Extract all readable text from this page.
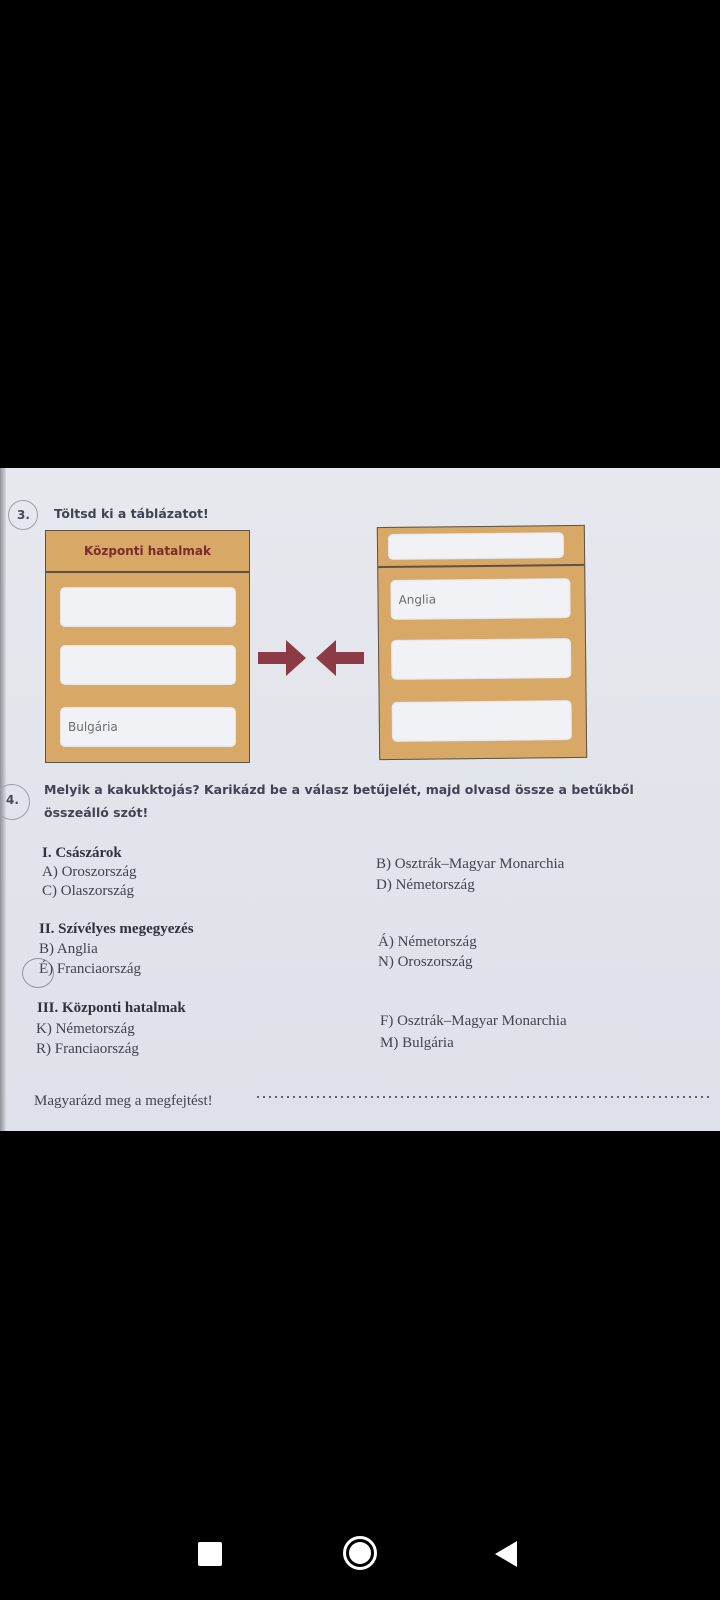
3. Töltsd ki a táblázatot!
Központi hatalmak
Bulgária
Anglia
4.
Melyik a kakukktojás? Karikázd be a válasz betűjelét, majd olvasd össze a betűkből összeálló szót!
I. Császárok
A) Oroszország
C) Olaszország
B) Osztrák–Magyar Monarchia
D) Németország
II. Szívélyes megegyezés
B) Anglia
É) Franciaország
Á) Németország
N) Oroszország
III. Központi hatalmak
K) Németország
R) Franciaország
F) Osztrák–Magyar Monarchia
M) Bulgária
Magyarázd meg a megfejtést!
